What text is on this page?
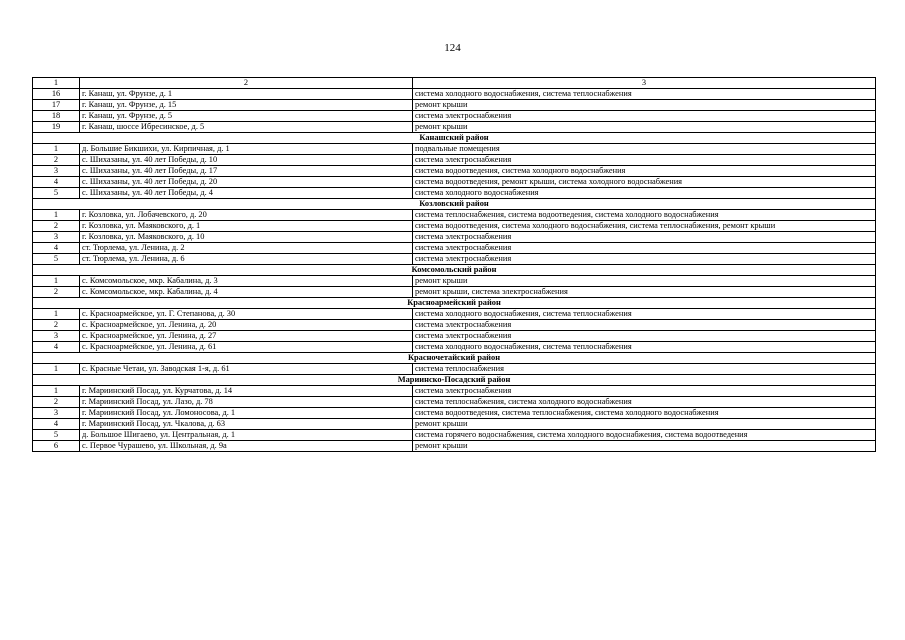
124
1	2	3
16	г. Канаш, ул. Фрунзе, д. 1	система холодного водоснабжения, система теплоснабжения
17	г. Канаш, ул. Фрунзе, д. 15	ремонт крыши
18	г. Канаш, ул. Фрунзе, д. 5	система электроснабжения
19	г. Канаш, шоссе Ибресинское, д. 5	ремонт крыши
Канашский район		
1	д. Большие Бикшихи, ул. Кирпичная, д. 1	подвальные помещения
2	с. Шихазаны, ул. 40 лет Победы, д. 10	система электроснабжения
3	с. Шихазаны, ул. 40 лет Победы, д. 17	система водоотведения, система холодного водоснабжения
4	с. Шихазаны, ул. 40 лет Победы, д. 20	система водоотведения, ремонт крыши, система холодного водоснабжения
5	с. Шихазаны, ул. 40 лет Победы, д. 4	система холодного водоснабжения
Козловский район		
1	г. Козловка, ул. Лобачевского, д. 20	система теплоснабжения, система водоотведения, система холодного водоснабжения
2	г. Козловка, ул. Маяковского, д. 1	система водоотведения, система холодного водоснабжения, система теплоснабжения, ремонт крыши
3	г. Козловка, ул. Маяковского, д. 10	система электроснабжения
4	ст. Тюрлема, ул. Ленина, д. 2	система электроснабжения
5	ст. Тюрлема, ул. Ленина, д. 6	система электроснабжения
Комсомольский район		
1	с. Комсомольское, мкр. Кабалина, д. 3	ремонт крыши
2	с. Комсомольское, мкр. Кабалина, д. 4	ремонт крыши, система электроснабжения
Красноармейский район		
1	с. Красноармейское, ул. Г. Степанова, д. 30	система холодного водоснабжения, система теплоснабжения
2	с. Красноармейское, ул. Ленина, д. 20	система электроснабжения
3	с. Красноармейское, ул. Ленина, д. 27	система электроснабжения
4	с. Красноармейское, ул. Ленина, д. 61	система холодного водоснабжения, система теплоснабжения
Красночетайский район		
1	с. Красные Четаи, ул. Заводская 1-я, д. 61	система теплоснабжения
Мариинско-Посадский район		
1	г. Мариинский Посад, ул. Курчатова, д. 14	система электроснабжения
2	г. Мариинский Посад, ул. Лазо, д. 78	система теплоснабжения, система холодного водоснабжения
3	г. Мариинский Посад, ул. Ломоносова, д. 1	система водоотведения, система теплоснабжения, система холодного водоснабжения
4	г. Мариинский Посад, ул. Чкалова, д. 63	ремонт крыши
5	д. Большое Шигаево, ул. Центральная, д. 1	система горячего водоснабжения, система холодного водоснабжения, система водоотведения
6	с. Первое Чурашево, ул. Школьная, д. 9а	ремонт крыши
